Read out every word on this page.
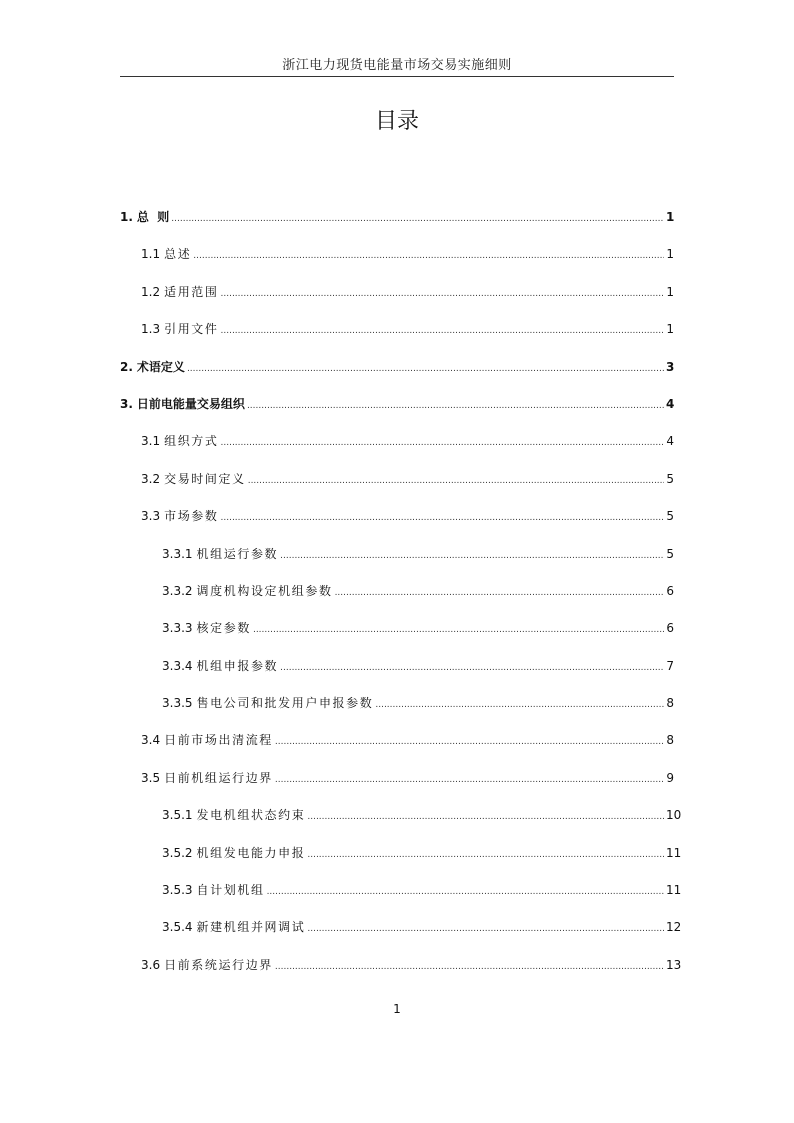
浙江电力现货电能量市场交易实施细则
目录
1. 总  则 .....	1
1.1 总述 .....	1
1.2 适用范围 .....	1
1.3 引用文件 .....	1
2. 术语定义 .....	3
3. 日前电能量交易组织 .....	4
3.1 组织方式 .....	4
3.2 交易时间定义 .....	5
3.3 市场参数 .....	5
3.3.1 机组运行参数 .....	5
3.3.2 调度机构设定机组参数 .....	6
3.3.3 核定参数 .....	6
3.3.4 机组申报参数 .....	7
3.3.5 售电公司和批发用户申报参数 .....	8
3.4 日前市场出清流程 .....	8
3.5 日前机组运行边界 .....	9
3.5.1 发电机组状态约束 .....	10
3.5.2 机组发电能力申报 .....	11
3.5.3 自计划机组 .....	11
3.5.4 新建机组并网调试 .....	12
3.6 日前系统运行边界 .....	13
1
